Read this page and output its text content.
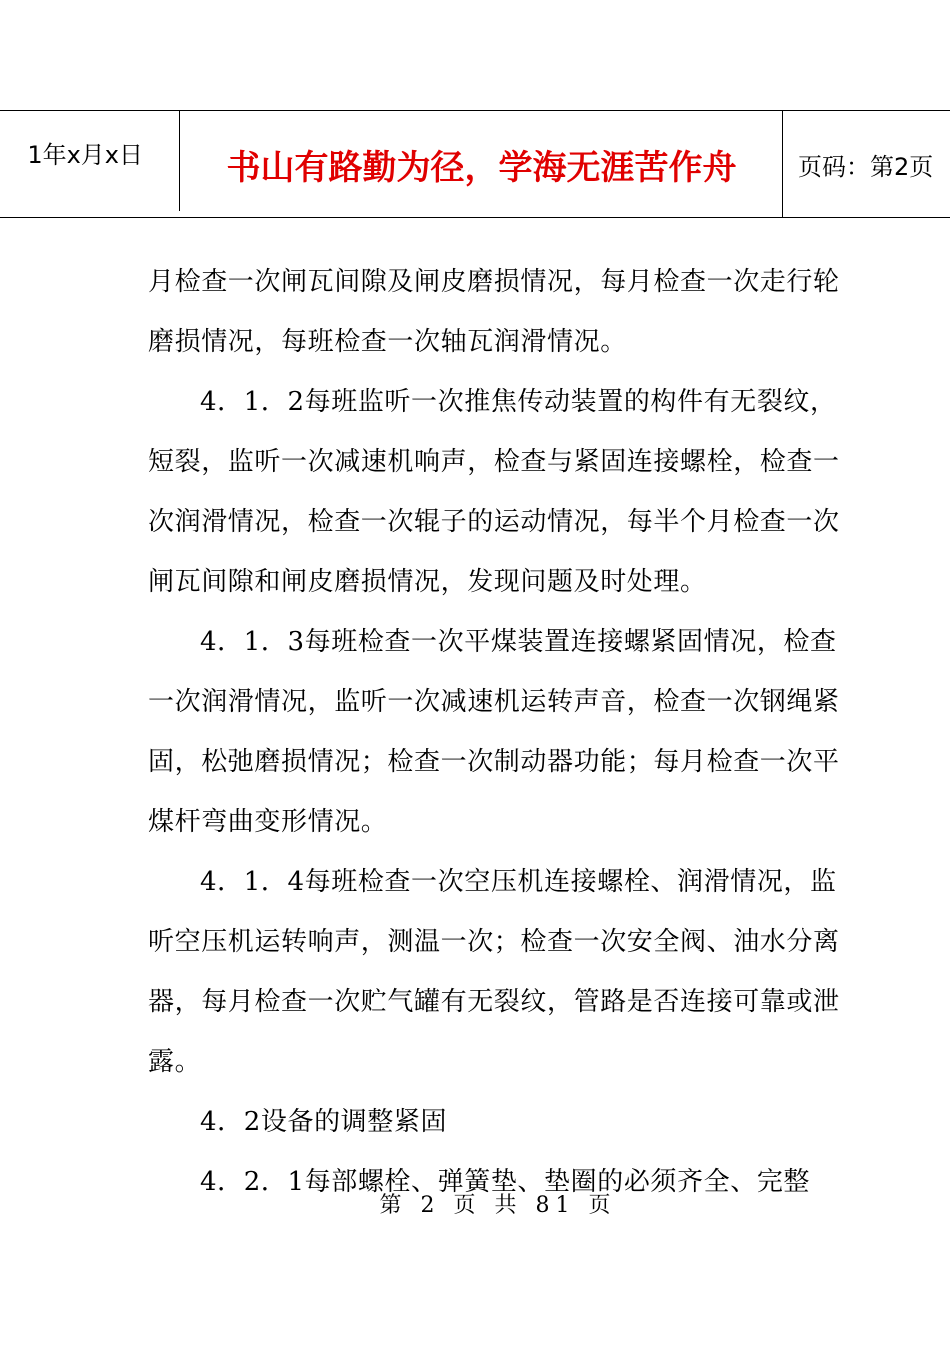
1年x月x日 书山有路勤为径，学海无涯苦作舟	页码：第2页

月检查一次闸瓦间隙及闸皮磨损情况，每月检查一次走行轮磨损情况，每班检查一次轴瓦润滑情况。

4．1．2每班监听一次推焦传动装置的构件有无裂纹，短裂，监听一次减速机响声，检查与紧固连接螺栓，检查一次润滑情况，检查一次辊子的运动情况，每半个月检查一次闸瓦间隙和闸皮磨损情况，发现问题及时处理。

4．1．3每班检查一次平煤装置连接螺紧固情况，检查一次润滑情况，监听一次减速机运转声音，检查一次钢绳紧固，松弛磨损情况；检查一次制动器功能；每月检查一次平煤杆弯曲变形情况。

4．1．4每班检查一次空压机连接螺栓、润滑情况，监听空压机运转响声，测温一次；检查一次安全阀、油水分离器，每月检查一次贮气罐有无裂纹，管路是否连接可靠或泄露。

4．2设备的调整紧固

4．2．1每部螺栓、弹簧垫、垫圈的必须齐全、完整

第 2 页 共 81 页
